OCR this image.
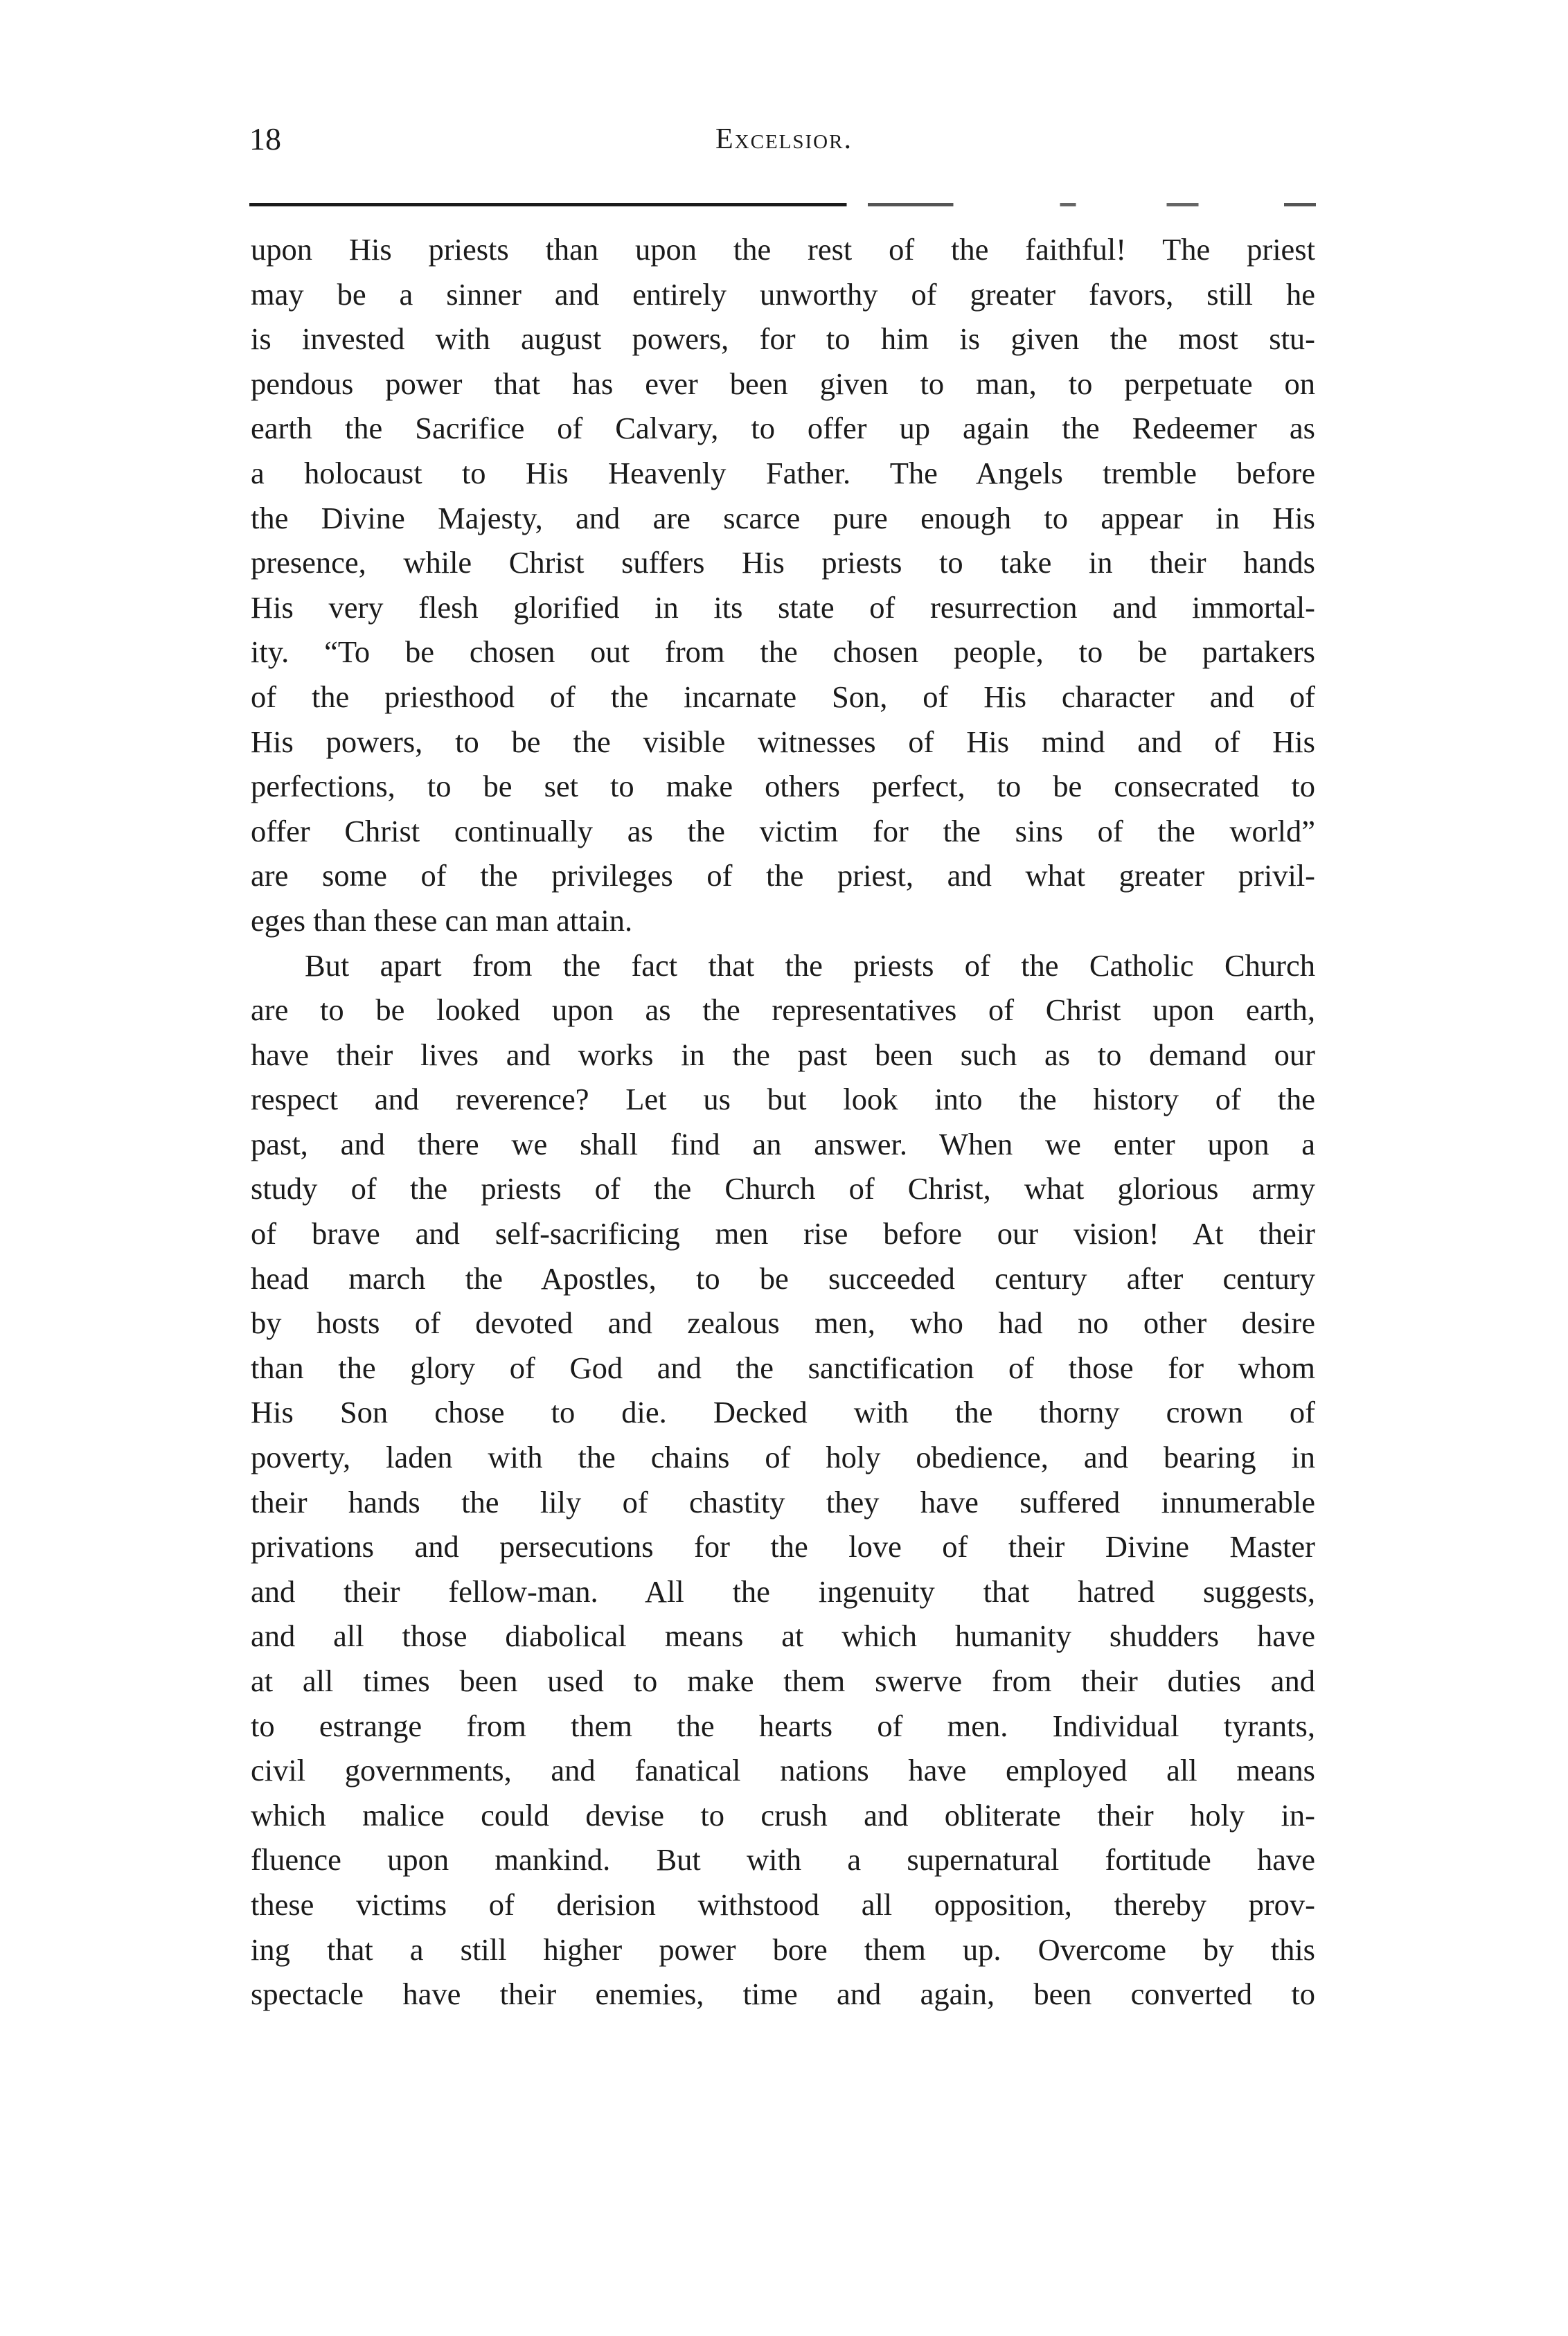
18	Excelsior.
upon His priests than upon the rest of the faithful! The priest
may be a sinner and entirely unworthy of greater favors, still he
is invested with august powers, for to him is given the most stu-
pendous power that has ever been given to man, to perpetuate on
earth the Sacrifice of Calvary, to offer up again the Redeemer as
a holocaust to His Heavenly Father. The Angels tremble before
the Divine Majesty, and are scarce pure enough to appear in His
presence, while Christ suffers His priests to take in their hands
His very flesh glorified in its state of resurrection and immortal-
ity. “To be chosen out from the chosen people, to be partakers
of the priesthood of the incarnate Son, of His character and of
His powers, to be the visible witnesses of His mind and of His
perfections, to be set to make others perfect, to be consecrated to
offer Christ continually as the victim for the sins of the world”
are some of the privileges of the priest, and what greater privil-
eges than these can man attain.
But apart from the fact that the priests of the Catholic Church
are to be looked upon as the representatives of Christ upon earth,
have their lives and works in the past been such as to demand our
respect and reverence? Let us but look into the history of the
past, and there we shall find an answer. When we enter upon a
study of the priests of the Church of Christ, what glorious army
of brave and self-sacrificing men rise before our vision! At their
head march the Apostles, to be succeeded century after century
by hosts of devoted and zealous men, who had no other desire
than the glory of God and the sanctification of those for whom
His Son chose to die. Decked with the thorny crown of
poverty, laden with the chains of holy obedience, and bearing in
their hands the lily of chastity they have suffered innumerable
privations and persecutions for the love of their Divine Master
and their fellow-man. All the ingenuity that hatred suggests,
and all those diabolical means at which humanity shudders have
at all times been used to make them swerve from their duties and
to estrange from them the hearts of men. Individual tyrants,
civil governments, and fanatical nations have employed all means
which malice could devise to crush and obliterate their holy in-
fluence upon mankind. But with a supernatural fortitude have
these victims of derision withstood all opposition, thereby prov-
ing that a still higher power bore them up. Overcome by this
spectacle have their enemies, time and again, been converted to
